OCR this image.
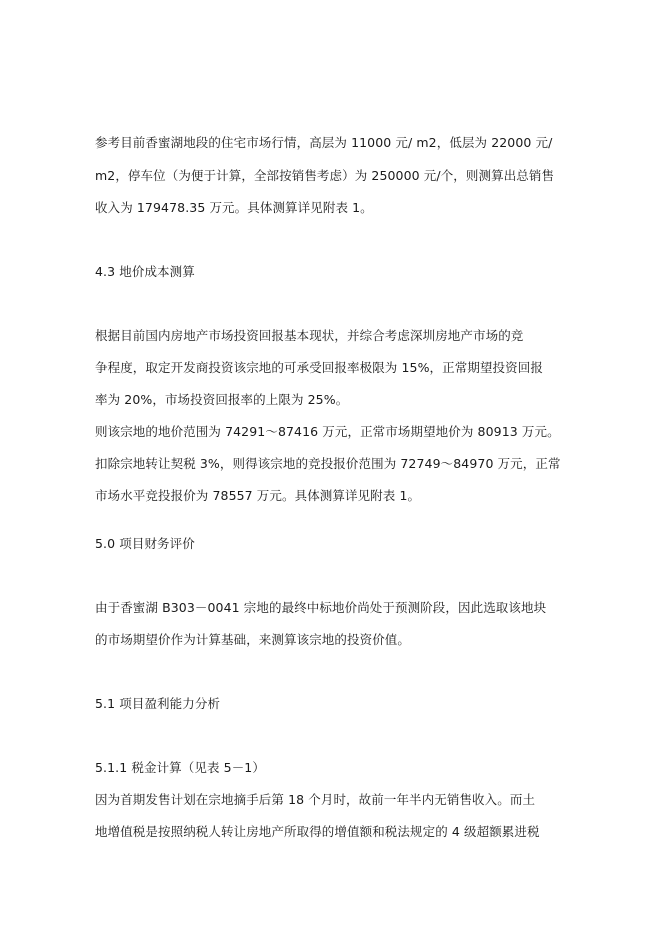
参考目前香蜜湖地段的住宅市场行情，高层为 11000 元/ m2，低层为 22000 元/
m2，停车位（为便于计算，全部按销售考虑）为 250000 元/个，则测算出总销售
收入为 179478.35 万元。具体测算详见附表 1。
4.3 地价成本测算
根据目前国内房地产市场投资回报基本现状，并综合考虑深圳房地产市场的竞
争程度，取定开发商投资该宗地的可承受回报率极限为 15%，正常期望投资回报
率为 20%，市场投资回报率的上限为 25%。
则该宗地的地价范围为 74291～87416 万元，正常市场期望地价为 80913 万元。
扣除宗地转让契税 3%，则得该宗地的竞投报价范围为 72749～84970 万元，正常
市场水平竞投报价为 78557 万元。具体测算详见附表 1。
5.0 项目财务评价
由于香蜜湖 B303－0041 宗地的最终中标地价尚处于预测阶段，因此选取该地块
的市场期望价作为计算基础，来测算该宗地的投资价值。
5.1 项目盈利能力分析
5.1.1 税金计算（见表 5－1）
因为首期发售计划在宗地摘手后第 18 个月时，故前一年半内无销售收入。而土
地增值税是按照纳税人转让房地产所取得的增值额和税法规定的 4 级超额累进税
